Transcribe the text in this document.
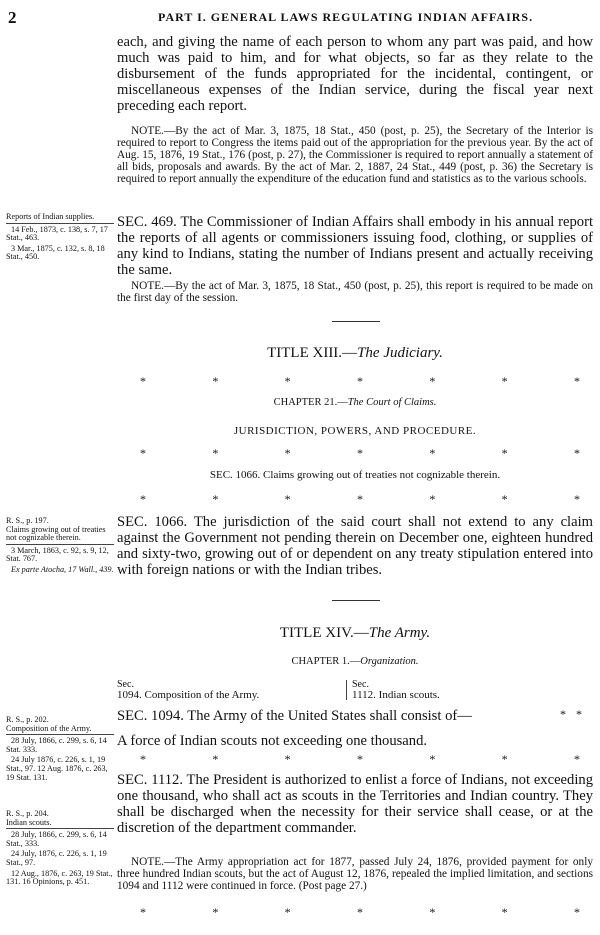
2	PART I. GENERAL LAWS REGULATING INDIAN AFFAIRS.
each, and giving the name of each person to whom any part was paid, and how much was paid to him, and for what objects, so far as they relate to the disbursement of the funds appropriated for the incidental, contingent, or miscellaneous expenses of the Indian service, during the fiscal year next preceding each report.
NOTE.—By the act of Mar. 3, 1875, 18 Stat., 450 (post, p. 25), the Secretary of the Interior is required to report to Congress the items paid out of the appropriation for the previous year. By the act of Aug. 15, 1876, 19 Stat., 176 (post, p. 27), the Commissioner is required to report annually a statement of all bids, proposals and awards. By the act of Mar. 2, 1887, 24 Stat., 449 (post, p. 36) the Secretary is required to report annually the expenditure of the education fund and statistics as to the various schools.
Reports of Indian supplies.
14 Feb., 1873, c. 138, s. 7, 17 Stat., 463.
3 Mar., 1875, c. 132, s. 8, 18 Stat., 450.
SEC. 469. The Commissioner of Indian Affairs shall embody in his annual report the reports of all agents or commissioners issuing food, clothing, or supplies of any kind to Indians, stating the number of Indians present and actually receiving the same.
NOTE.—By the act of Mar. 3, 1875, 18 Stat., 450 (post, p. 25), this report is required to be made on the first day of the session.
TITLE XIII.—The Judiciary.
*	*	*	*	*	*	*
CHAPTER 21.—The Court of Claims.
JURISDICTION, POWERS, AND PROCEDURE.
*	*	*	*	*	*	*
SEC. 1066. Claims growing out of treaties not cognizable therein.
*	*	*	*	*	*	*
R. S., p. 197.
Claims growing out of treaties not cognizable therein.
3 March, 1863, c. 92, s. 9, 12, Stat. 767.
Ex parte Atocha, 17 Wall., 439.
SEC. 1066. The jurisdiction of the said court shall not extend to any claim against the Government not pending therein on December one, eighteen hundred and sixty-two, growing out of or dependent on any treaty stipulation entered into with foreign nations or with the Indian tribes.
TITLE XIV.—The Army.
CHAPTER 1.—Organization.
Sec.
1094. Composition of the Army.
Sec.
1112. Indian scouts.
R. S., p. 202.
Composition of the Army.
28 July, 1866, c. 299, s. 6, 14 Stat. 333.
24 July 1876, c. 226, s. 1, 19 Stat., 97. 12 Aug. 1876, c. 263, 19 Stat. 131.
SEC. 1094. The Army of the United States shall consist of—	**
A force of Indian scouts not exceeding one thousand.
*	*	*	*	*	*	*
R. S., p. 204.
Indian scouts.
28 July, 1866, c. 299, s. 6, 14 Stat., 333.
24 July, 1876, c. 226, s. 1, 19 Stat., 97.
12 Aug., 1876, c. 263, 19 Stat., 131. 16 Opinions, p. 451.
SEC. 1112. The President is authorized to enlist a force of Indians, not exceeding one thousand, who shall act as scouts in the Territories and Indian country. They shall be discharged when the necessity for their service shall cease, or at the discretion of the department commander.
NOTE.—The Army appropriation act for 1877, passed July 24, 1876, provided payment for only three hundred Indian scouts, but the act of August 12, 1876, repealed the implied limitation, and sections 1094 and 1112 were continued in force. (Post page 27.)
*	*	*	*	*	*	*
